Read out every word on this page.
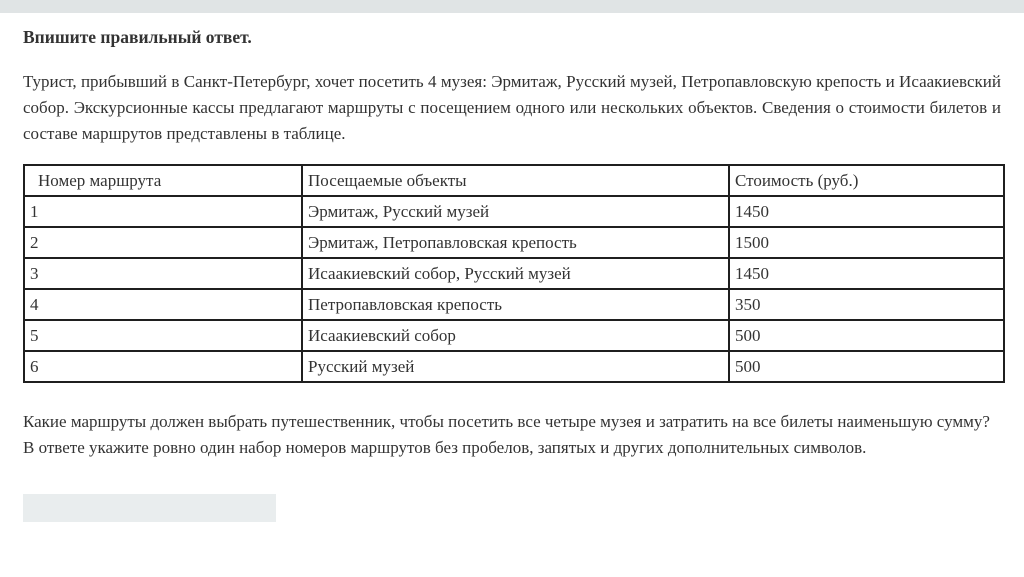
Впишите правильный ответ.
Турист, прибывший в Санкт-Петербург, хочет посетить 4 музея: Эрмитаж, Русский музей, Петропавловскую крепость и Исаакиевский собор. Экскурсионные кассы предлагают маршруты с посещением одного или нескольких объектов. Сведения о стоимости билетов и составе маршрутов представлены в таблице.
Номер маршрута	Посещаемые объекты	Стоимость (руб.)
1	Эрмитаж, Русский музей	1450
2	Эрмитаж, Петропавловская крепость	1500
3	Исаакиевский собор, Русский музей	1450
4	Петропавловская крепость	350
5	Исаакиевский собор	500
6	Русский музей	500
Какие маршруты должен выбрать путешественник, чтобы посетить все четыре музея и затратить на все билеты наименьшую сумму?
В ответе укажите ровно один набор номеров маршрутов без пробелов, запятых и других дополнительных символов.
